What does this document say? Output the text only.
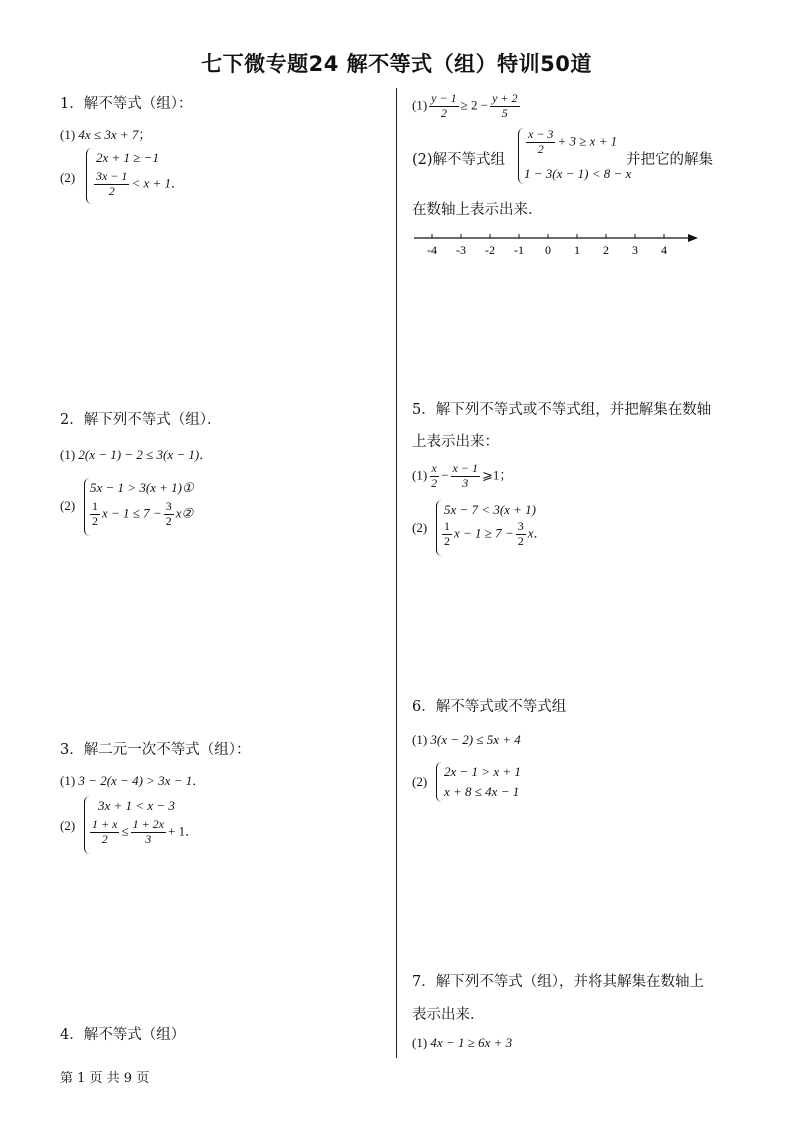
七下微专题24 解不等式（组）特训50道
1．解不等式（组）：
(1) 4x ≤ 3x + 7；
(2)
2x + 1 ≥ −1
$\frac{3x - 1}{2} < x + 1$．
2．解下列不等式（组）．
(1) 2(x − 1) − 2 ≤ 3(x − 1)．
(2)
5x − 1 > 3(x + 1)①
$\frac{1}{2}$ $x - 1 \le 7 - \frac{3}{2}$ x②
3．解二元一次不等式（组）：
(1) 3 − 2(x − 4) > 3x − 1．
(2)
3x + 1 < x − 3
$\frac{1 + x}{2} \le \frac{1 + 2x}{3} + 1$．
4．解不等式（组）
$(1) \frac{y - 1}{2} \ge 2 - \frac{y + 2}{5}$
(2)解不等式组
$\frac{x - 3}{2} + 3 \ge x + 1$
1 − 3(x − 1) < 8 − x
并把它的解集
在数轴上表示出来．
-4 -3 -2 -1 0 1 2 3 4
5．解下列不等式或不等式组，并把解集在数轴
上表示出来：
$(1) \frac{x}{2} - \frac{x - 1}{3}$ ⩾1；
(2)
5x − 7 < 3(x + 1)
$\frac{1}{2}$ $x - 1 \ge 7 - \frac{3}{2}$ x．
6．解不等式或不等式组
(1) 3(x − 2) ≤ 5x + 4
(2)
2x − 1 > x + 1
x + 8 ≤ 4x − 1
7．解下列不等式（组），并将其解集在数轴上
表示出来．
(1) 4x − 1 ≥ 6x + 3
第 1 页 共 9 页
